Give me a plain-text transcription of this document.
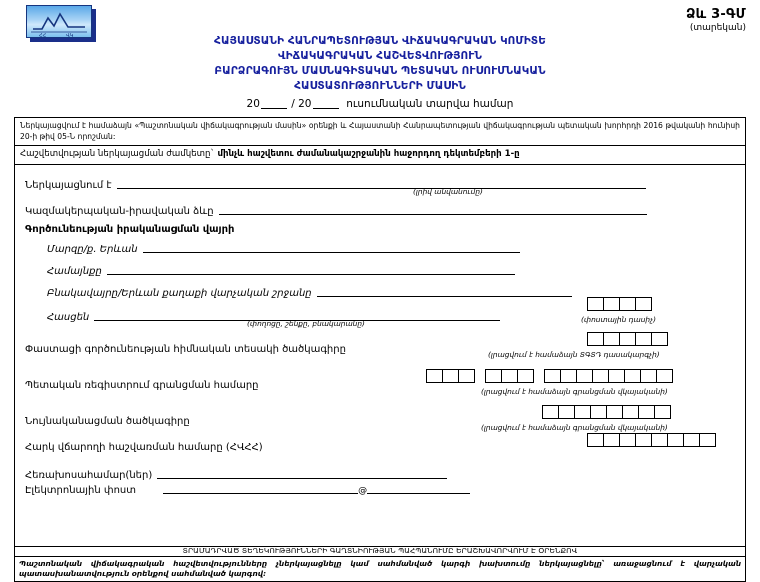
ՀՀ	ՎԿ
Ձև 3-ԳՄ
(տարեկան)
ՀԱՅԱՍՏԱՆԻ ՀԱՆՐԱՊԵՏՈՒԹՅԱՆ ՎԻՃԱԿԱԳՐԱԿԱՆ ԿՈՄԻՏԵ
ՎԻՃԱԿԱԳՐԱԿԱՆ ՀԱՇՎԵՏՎՈՒԹՅՈՒՆ
ԲԱՐՁՐԱԳՈՒՅՆ ՄԱՍՆԱԳԻՏԱԿԱՆ ՊԵՏԱԿԱՆ ՈՒՍՈՒՄՆԱԿԱՆ
ՀԱՍՏԱՏՈՒԹՅՈՒՆՆԵՐԻ ՄԱՍԻՆ
20	/ 20	ուսումնական տարվա համար
Ներկայացվում է համաձայն «Պաշտոնական վիճակագրության մասին» օրենքի և Հայաստանի Հանրապետության վիճակագրության պետական խորհրդի 2016 թվականի հունիսի 20-ի թիվ 05-Ն որոշման:
Հաշվետվության ներկայացման ժամկետը` մինչև հաշվետու ժամանակաշրջանին հաջորդող դեկտեմբերի 1-ը
Ներկայացնում է
(լրիվ անվանումը)
Կազմակերպական-իրավական ձևը
Գործունեության իրականացման վայրի
Մարզը/ք. Երևան
Համայնքը
Բնակավայրը/Երևան քաղաքի վարչական շրջանը
Հասցեն
(փողոցը, շենքը, բնակարանը)	(փոստային դասիչ)
Փաստացի գործունեության հիմնական տեսակի ծածկագիրը	(լրացվում է համաձայն ՏԳՏԴ դասակարգչի)
Պետական ռեգիստրում գրանցման համարը
(լրացվում է համաձայն գրանցման վկայականի)
Նույնականացման ծածկագիրը
(լրացվում է համաձայն գրանցման վկայականի)
Հարկ վճարողի հաշվառման համարը (ՀՎՀՀ)
Հեռախոսահամար(ներ)
Էլեկտրոնային փոստ	@
ՏՐԱՄԱԴՐՎԱԾ ՏԵՂԵԿՈՒԹՅՈՒՆՆԵՐԻ ԳԱՂՏՆԻՈՒԹՅԱՆ ՊԱՀՊԱՆՈՒՄԸ ԵՐԱՇԽԱՎՈՐՎՈՒՄ Է ՕՐԵՆՔՈՎ
Պաշտոնական վիճակագրական հաշվետվությունները չներկայացնելը կամ սահմանված կարգի խախտումը ներկայացնելը՝ առաջացնում է վարչական պատասխանատվություն օրենքով սահմանված կարգով:
